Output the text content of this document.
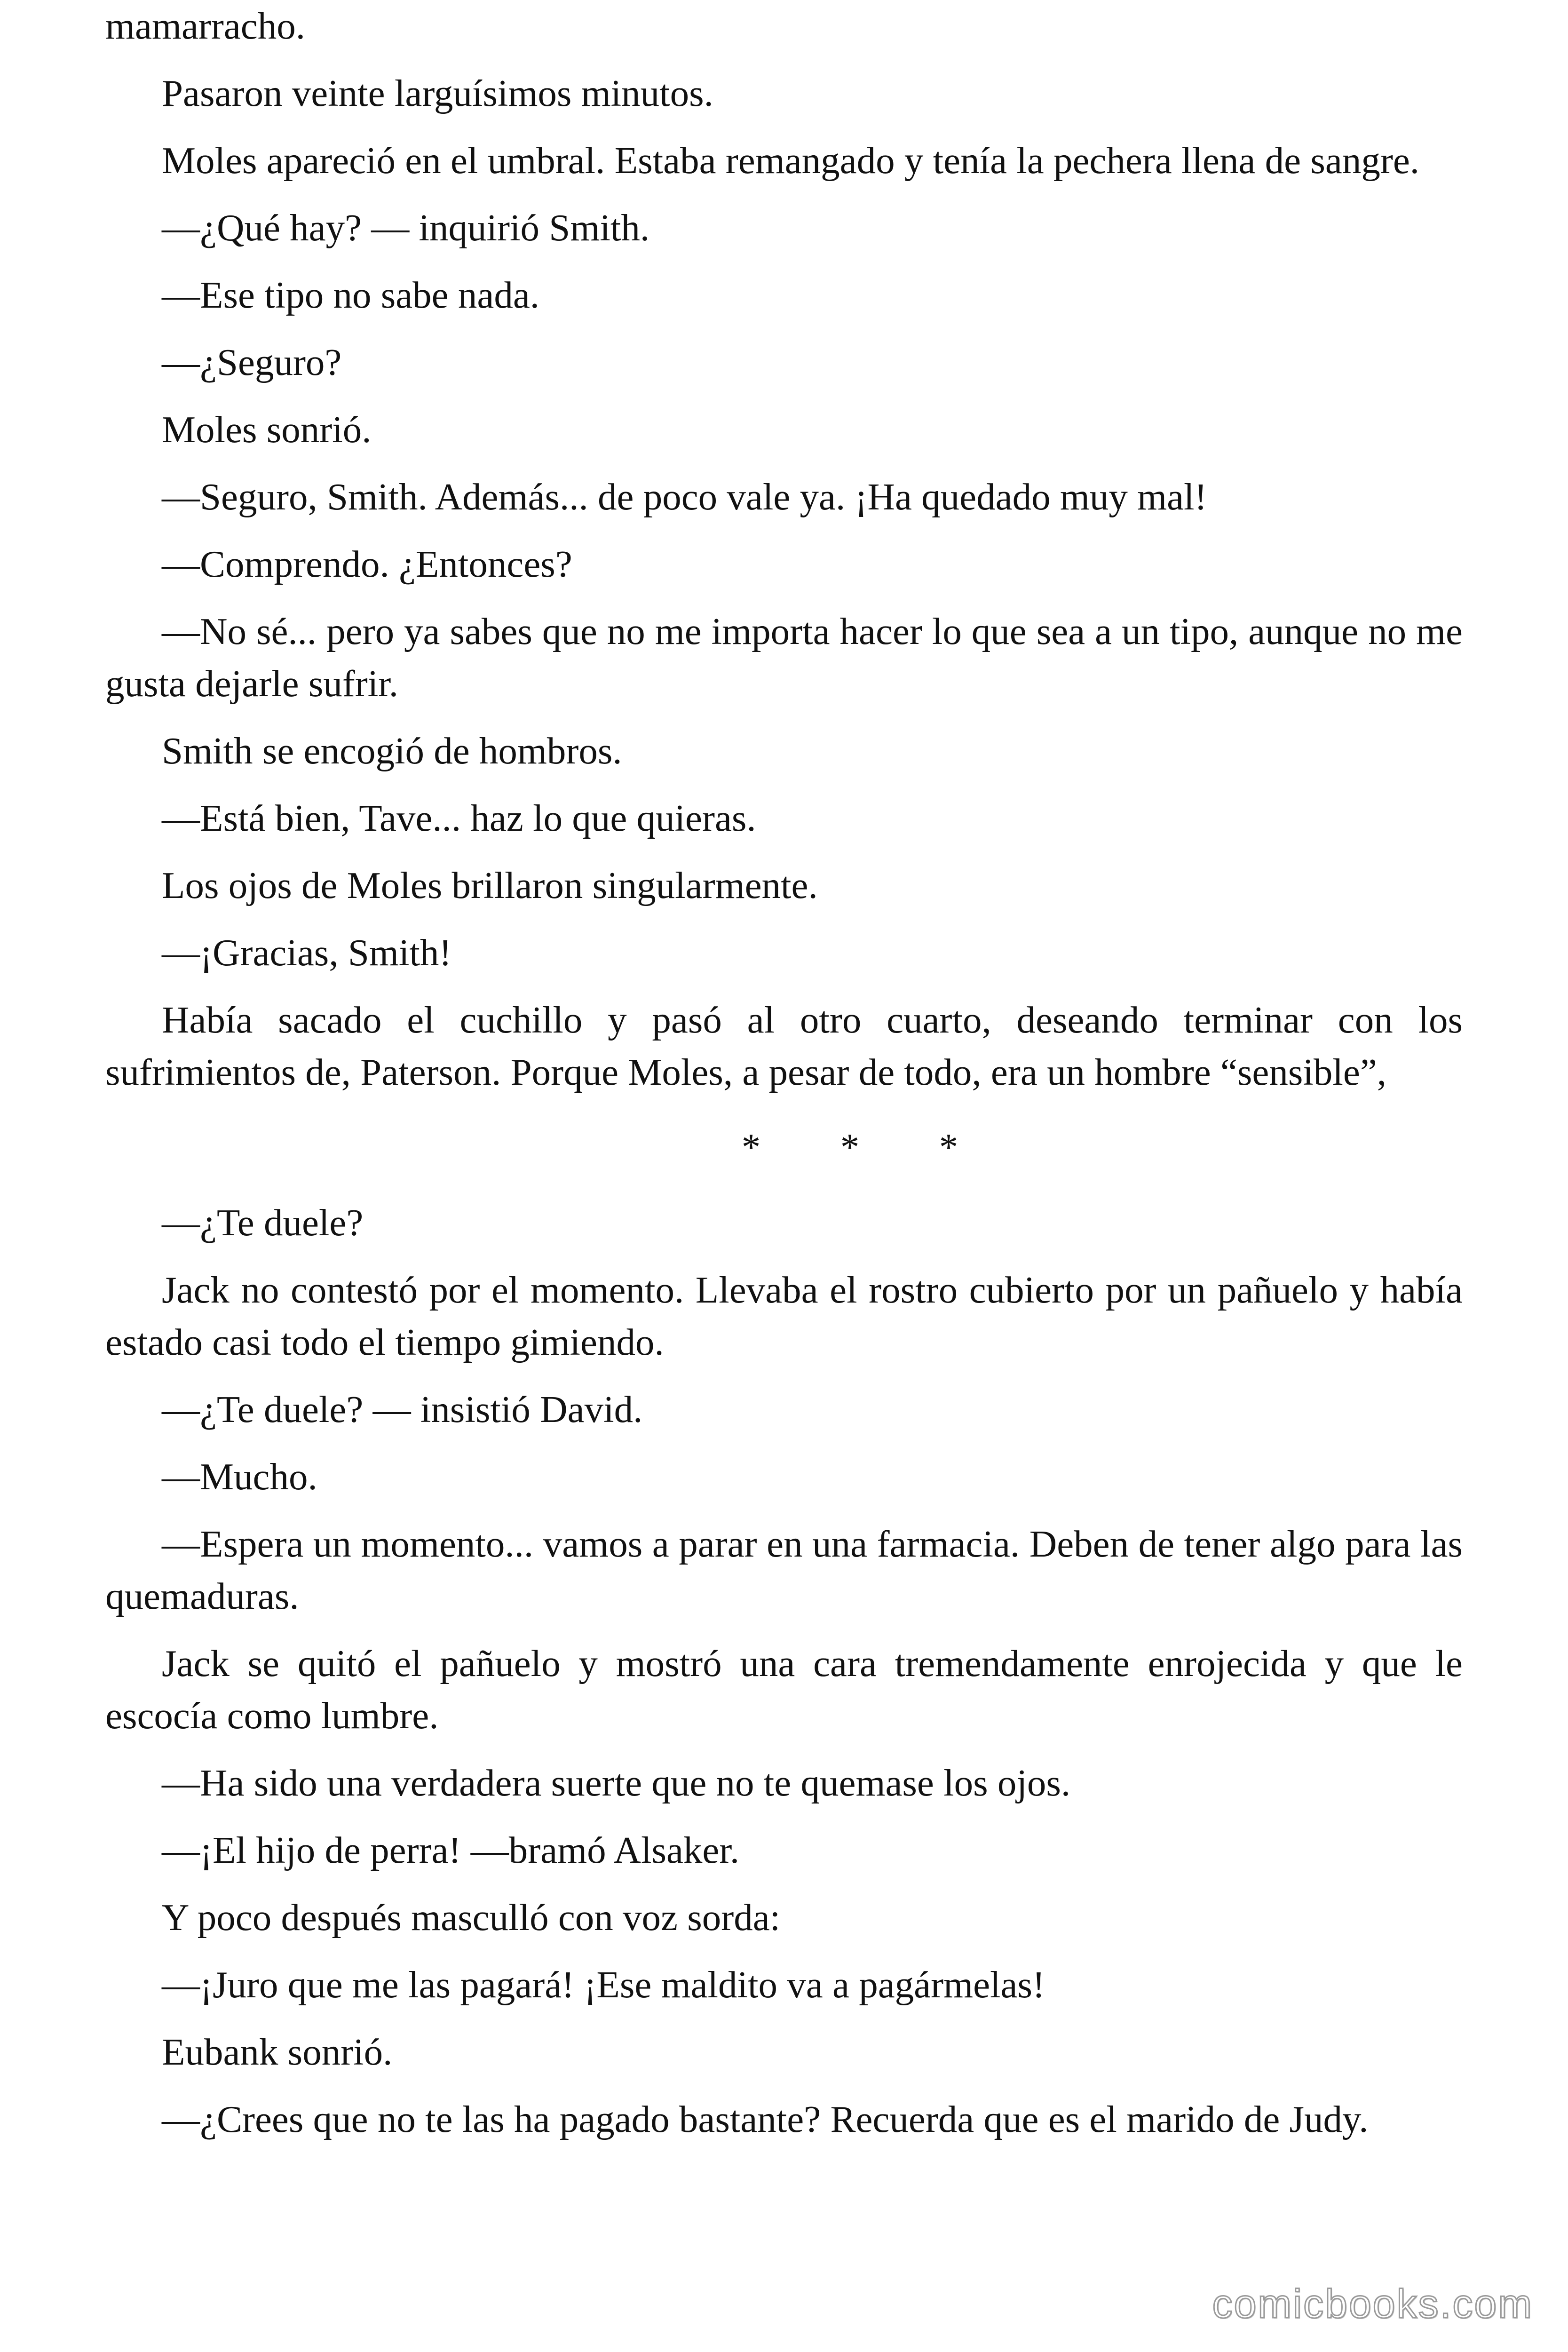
mamarracho.

Pasaron veinte larguísimos minutos.

Moles apareció en el umbral. Estaba remangado y tenía la pechera llena de sangre.

—¿Qué hay? — inquirió Smith.

—Ese tipo no sabe nada.

—¿Seguro?

Moles sonrió.

—Seguro, Smith. Además... de poco vale ya. ¡Ha quedado muy mal!

—Comprendo. ¿Entonces?

—No sé... pero ya sabes que no me importa hacer lo que sea a un tipo, aunque no me gusta dejarle sufrir.

Smith se encogió de hombros.

—Está bien, Tave... haz lo que quieras.

Los ojos de Moles brillaron singularmente.

—¡Gracias, Smith!

Había sacado el cuchillo y pasó al otro cuarto, deseando terminar con los sufrimientos de, Paterson. Porque Moles, a pesar de todo, era un hombre “sensible”,

* * *

—¿Te duele?

Jack no contestó por el momento. Llevaba el rostro cubierto por un pañuelo y había estado casi todo el tiempo gimiendo.

—¿Te duele? — insistió David.

—Mucho.

—Espera un momento... vamos a parar en una farmacia. Deben de tener algo para las quemaduras.

Jack se quitó el pañuelo y mostró una cara tremendamente enrojecida y que le escocía como lumbre.

—Ha sido una verdadera suerte que no te quemase los ojos.

—¡El hijo de perra! —bramó Alsaker.

Y poco después masculló con voz sorda:

—¡Juro que me las pagará! ¡Ese maldito va a pagármelas!

Eubank sonrió.

—¿Crees que no te las ha pagado bastante? Recuerda que es el marido de Judy.

comicbooks.com
